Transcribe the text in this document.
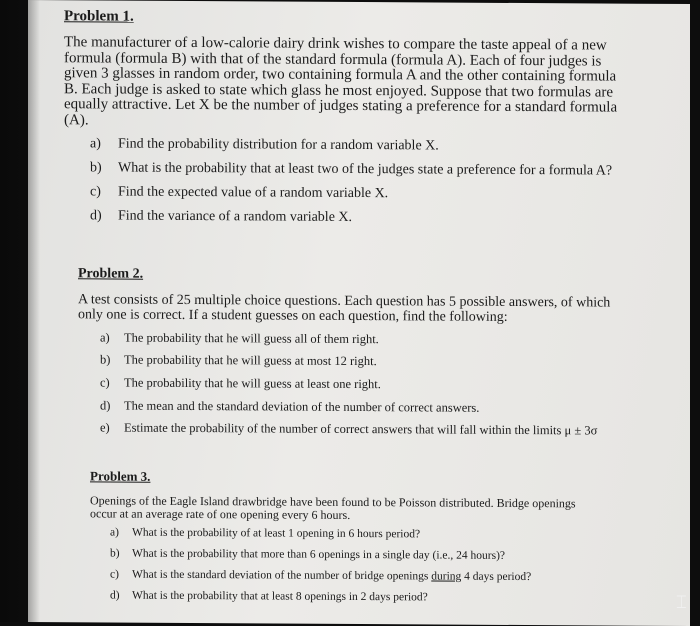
Problem 1.

The manufacturer of a low-calorie dairy drink wishes to compare the taste appeal of a new formula (formula B) with that of the standard formula (formula A). Each of four judges is given 3 glasses in random order, two containing formula A and the other containing formula B. Each judge is asked to state which glass he most enjoyed. Suppose that two formulas are equally attractive. Let X be the number of judges stating a preference for a standard formula (A).

a)	Find the probability distribution for a random variable X.
b)	What is the probability that at least two of the judges state a preference for a formula A?
c)	Find the expected value of a random variable X.
d)	Find the variance of a random variable X.
Problem 2.

A test consists of 25 multiple choice questions. Each question has 5 possible answers, of which only one is correct. If a student guesses on each question, find the following:

a)	The probability that he will guess all of them right.
b)	The probability that he will guess at most 12 right.
c)	The probability that he will guess at least one right.
d)	The mean and the standard deviation of the number of correct answers.
e)	Estimate the probability of the number of correct answers that will fall within the limits μ ± 3σ
Problem 3.

Openings of the Eagle Island drawbridge have been found to be Poisson distributed. Bridge openings occur at an average rate of one opening every 6 hours.

a)	What is the probability of at least 1 opening in 6 hours period?
b)	What is the probability that more than 6 openings in a single day (i.e., 24 hours)?
c)	What is the standard deviation of the number of bridge openings during 4 days period?
d)	What is the probability that at least 8 openings in 2 days period?	⌶
